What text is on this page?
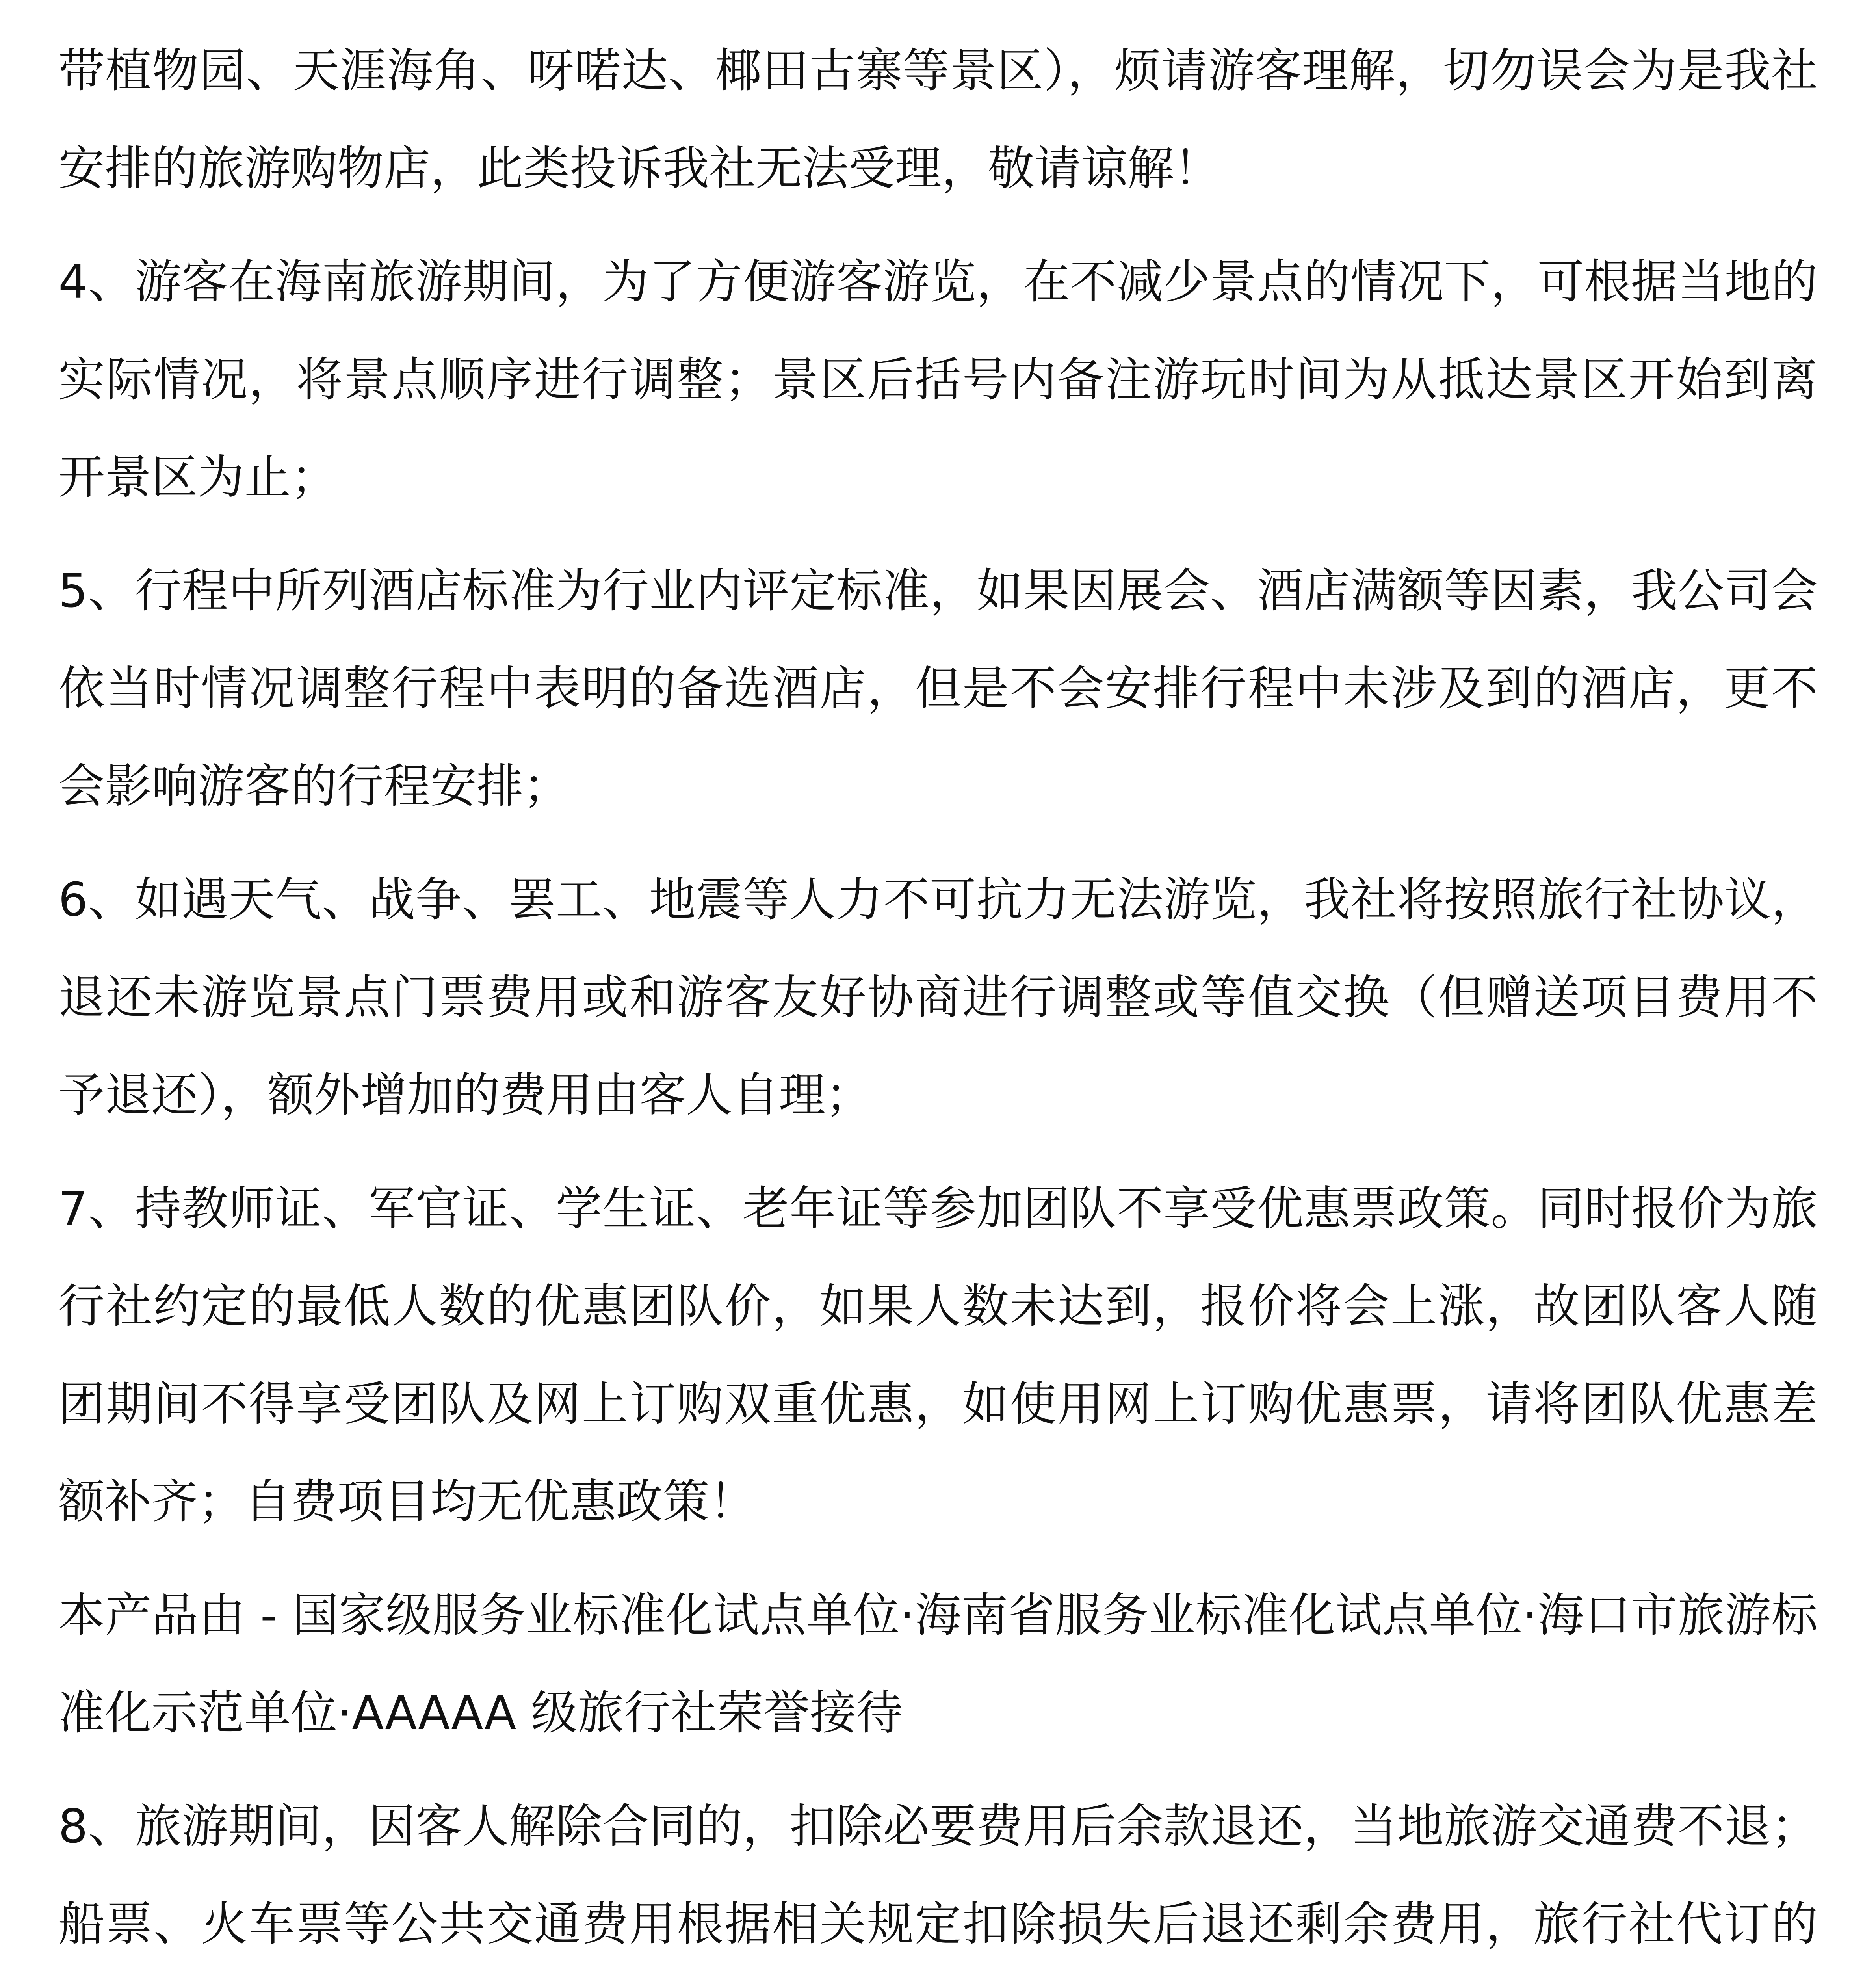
带植物园、天涯海角、呀喏达、椰田古寨等景区），烦请游客理解，切勿误会为是我社安排的旅游购物店，此类投诉我社无法受理，敬请谅解！

4、游客在海南旅游期间，为了方便游客游览，在不减少景点的情况下，可根据当地的实际情况，将景点顺序进行调整；景区后括号内备注游玩时间为从抵达景区开始到离开景区为止；

5、行程中所列酒店标准为行业内评定标准，如果因展会、酒店满额等因素，我公司会依当时情况调整行程中表明的备选酒店，但是不会安排行程中未涉及到的酒店，更不会影响游客的行程安排；

6、如遇天气、战争、罢工、地震等人力不可抗力无法游览，我社将按照旅行社协议，退还未游览景点门票费用或和游客友好协商进行调整或等值交换（但赠送项目费用不予退还），额外增加的费用由客人自理；

7、持教师证、军官证、学生证、老年证等参加团队不享受优惠票政策。同时报价为旅行社约定的最低人数的优惠团队价，如果人数未达到，报价将会上涨，故团队客人随团期间不得享受团队及网上订购双重优惠，如使用网上订购优惠票，请将团队优惠差额补齐；自费项目均无优惠政策！

本产品由 - 国家级服务业标准化试点单位·海南省服务业标准化试点单位·海口市旅游标准化示范单位·AAAAA 级旅行社荣誉接待

8、旅游期间，因客人解除合同的，扣除必要费用后余款退还，当地旅游交通费不退；船票、火车票等公共交通费用根据相关规定扣除损失后退还剩余费用，旅行社代订的
